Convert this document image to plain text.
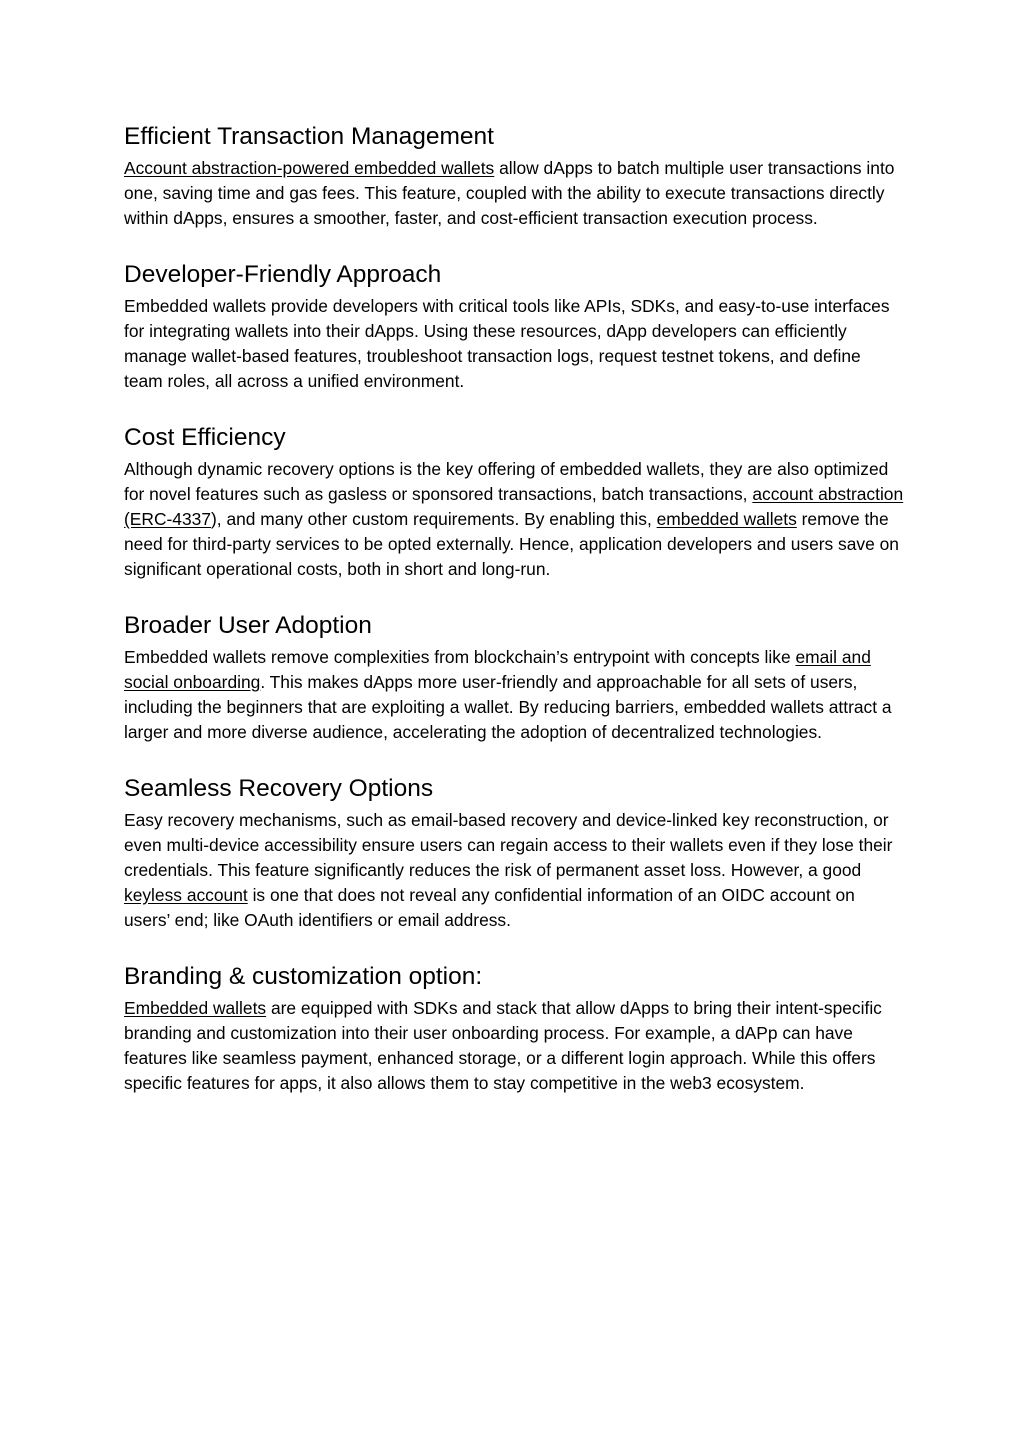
Efficient Transaction Management

Account abstraction-powered embedded wallets allow dApps to batch multiple user transactions into one, saving time and gas fees. This feature, coupled with the ability to execute transactions directly within dApps, ensures a smoother, faster, and cost-efficient transaction execution process.

Developer-Friendly Approach

Embedded wallets provide developers with critical tools like APIs, SDKs, and easy-to-use interfaces for integrating wallets into their dApps. Using these resources, dApp developers can efficiently manage wallet-based features, troubleshoot transaction logs, request testnet tokens, and define team roles, all across a unified environment.

Cost Efficiency

Although dynamic recovery options is the key offering of embedded wallets, they are also optimized for novel features such as gasless or sponsored transactions, batch transactions, account abstraction (ERC-4337), and many other custom requirements. By enabling this, embedded wallets remove the need for third-party services to be opted externally. Hence, application developers and users save on significant operational costs, both in short and long-run.

Broader User Adoption

Embedded wallets remove complexities from blockchain’s entrypoint with concepts like email and social onboarding. This makes dApps more user-friendly and approachable for all sets of users, including the beginners that are exploiting a wallet. By reducing barriers, embedded wallets attract a larger and more diverse audience, accelerating the adoption of decentralized technologies.

Seamless Recovery Options

Easy recovery mechanisms, such as email-based recovery and device-linked key reconstruction, or even multi-device accessibility ensure users can regain access to their wallets even if they lose their credentials. This feature significantly reduces the risk of permanent asset loss. However, a good keyless account is one that does not reveal any confidential information of an OIDC account on users’ end; like OAuth identifiers or email address.

Branding & customization option:

Embedded wallets are equipped with SDKs and stack that allow dApps to bring their intent-specific branding and customization into their user onboarding process. For example, a dAPp can have features like seamless payment, enhanced storage, or a different login approach. While this offers specific features for apps, it also allows them to stay competitive in the web3 ecosystem.
